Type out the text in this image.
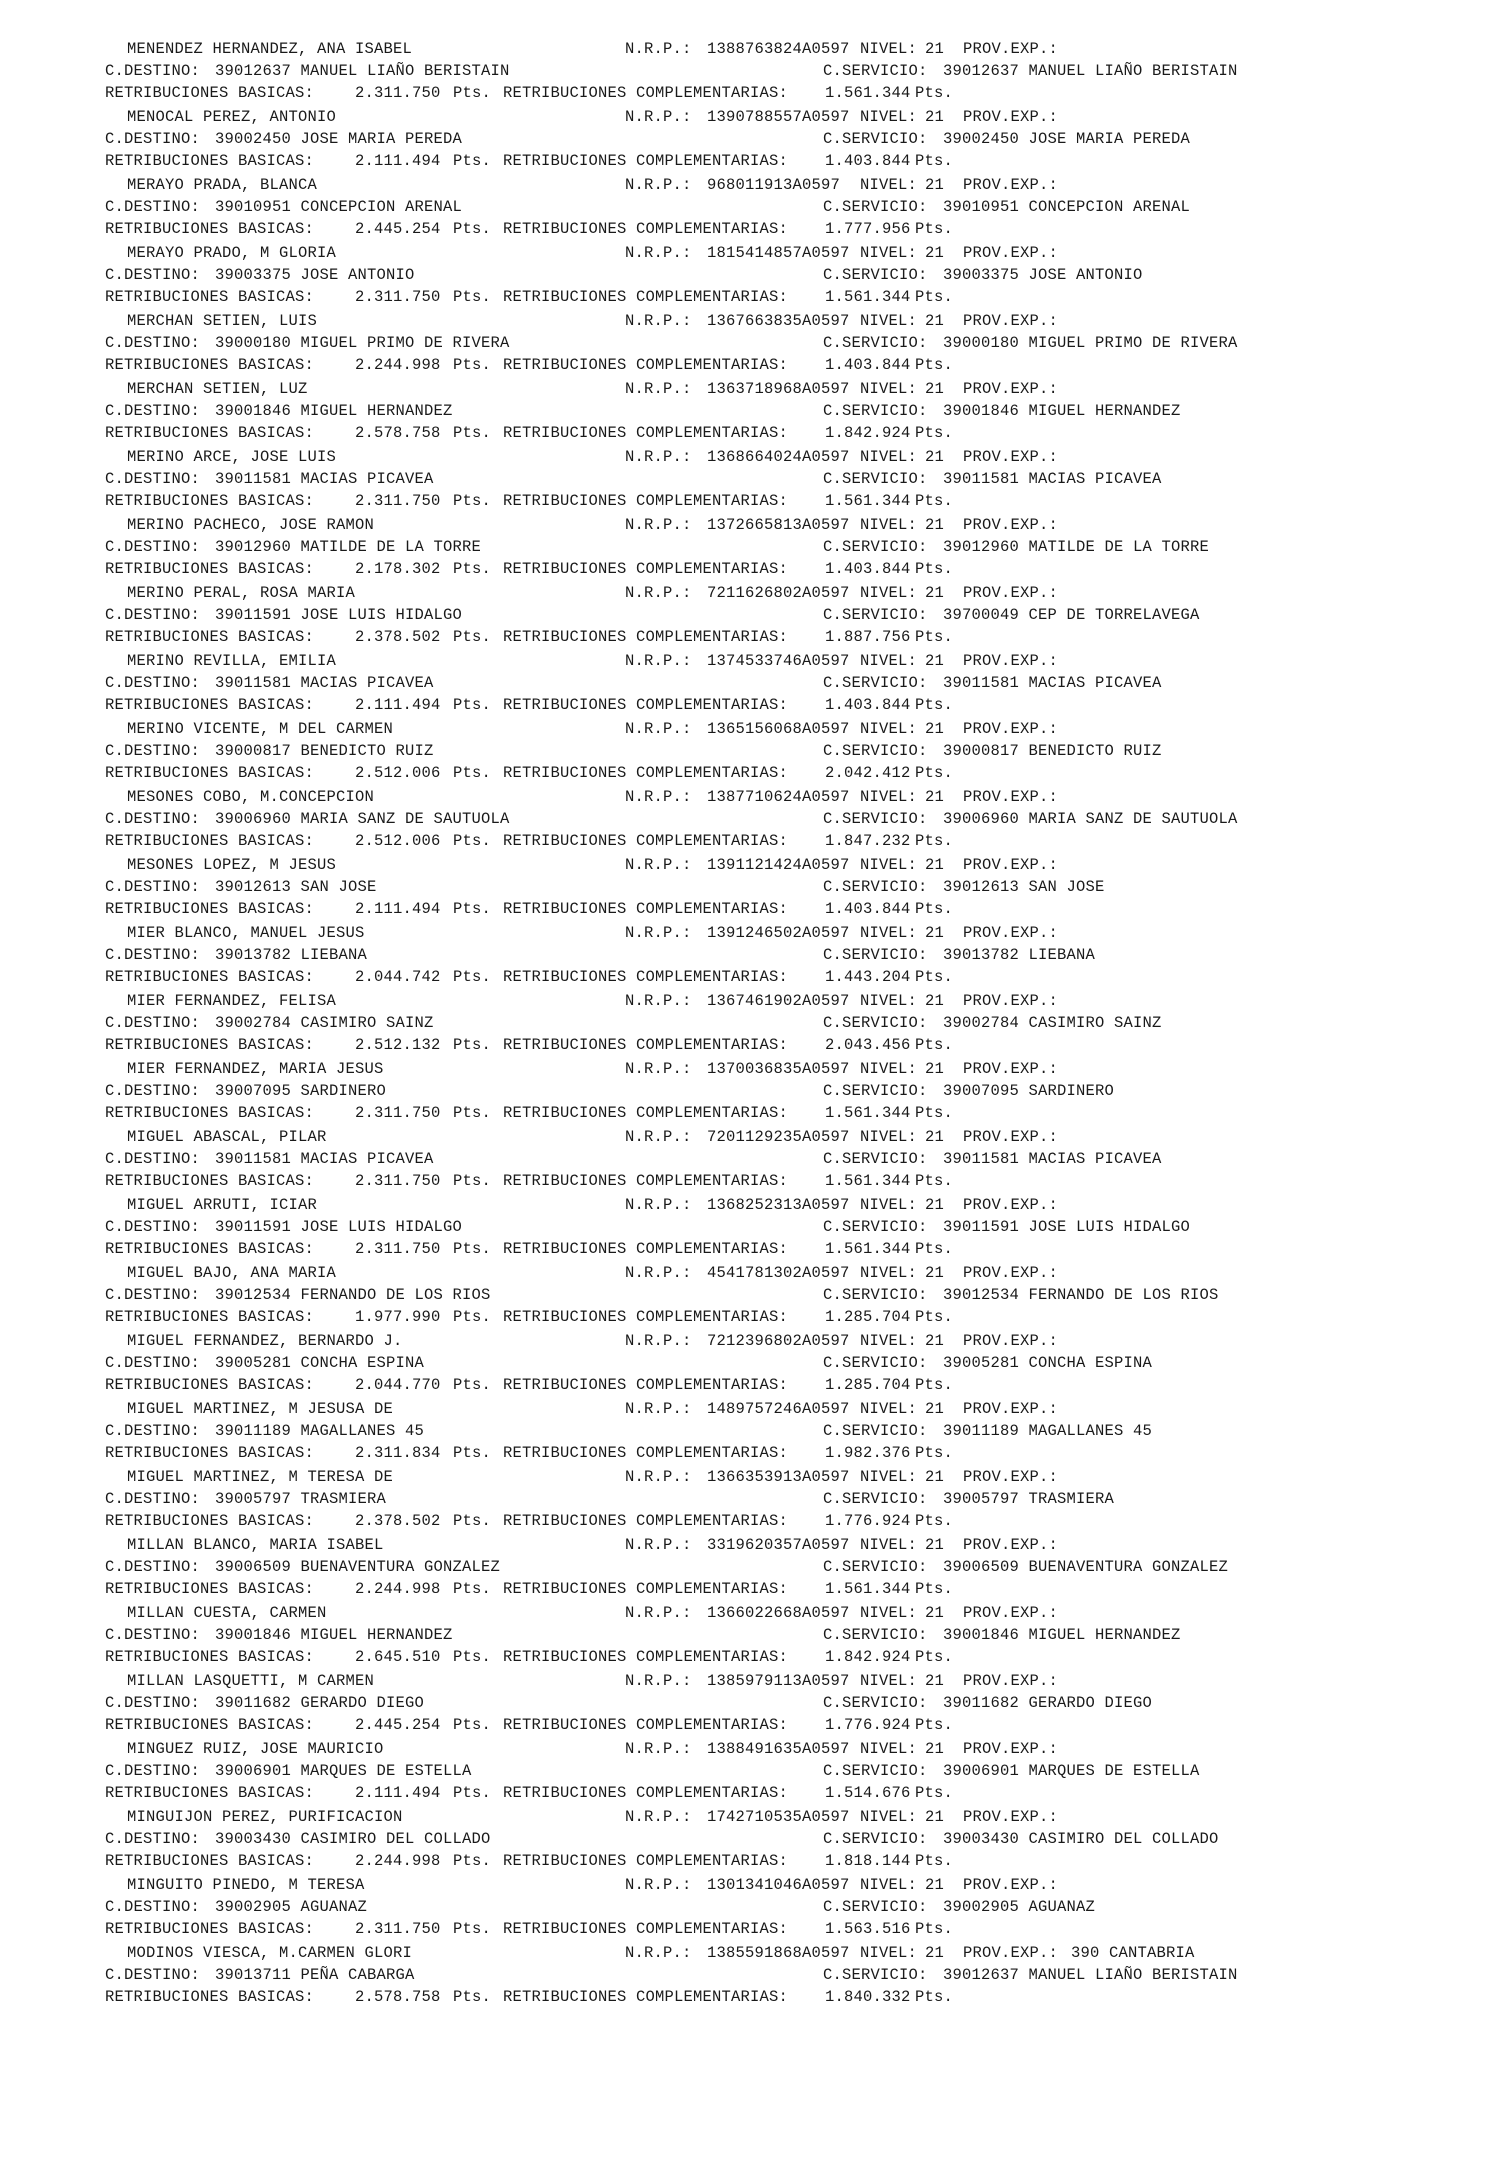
MENENDEZ HERNANDEZ, ANA ISABEL

	N.R.P.:

1388763824A0597

NIVEL:

21

PROV.EXP.:

C.DESTINO:

39012637 MANUEL LIAÑO BERISTAIN

	C.SERVICIO:

39012637 MANUEL LIAÑO BERISTAIN

RETRIBUCIONES BASICAS:

	2.311.750

Pts.

RETRIBUCIONES COMPLEMENTARIAS:

1.561.344

Pts.

MENOCAL PEREZ, ANTONIO

	N.R.P.:

1390788557A0597

NIVEL:

21

PROV.EXP.:

C.DESTINO:

39002450 JOSE MARIA PEREDA

	C.SERVICIO:

39002450 JOSE MARIA PEREDA

RETRIBUCIONES BASICAS:

	2.111.494

Pts.

RETRIBUCIONES COMPLEMENTARIAS:

1.403.844

Pts.

MERAYO PRADA, BLANCA

	N.R.P.:

968011913A0597

NIVEL:

21

PROV.EXP.:

C.DESTINO:

39010951 CONCEPCION ARENAL

	C.SERVICIO:

39010951 CONCEPCION ARENAL

RETRIBUCIONES BASICAS:

	2.445.254

Pts.

RETRIBUCIONES COMPLEMENTARIAS:

1.777.956

Pts.

MERAYO PRADO, M GLORIA

	N.R.P.:

1815414857A0597

NIVEL:

21

PROV.EXP.:

C.DESTINO:

39003375 JOSE ANTONIO

	C.SERVICIO:

39003375 JOSE ANTONIO

RETRIBUCIONES BASICAS:

	2.311.750

Pts.

RETRIBUCIONES COMPLEMENTARIAS:

1.561.344

Pts.

MERCHAN SETIEN, LUIS

	N.R.P.:

1367663835A0597

NIVEL:

21

PROV.EXP.:

C.DESTINO:

39000180 MIGUEL PRIMO DE RIVERA

	C.SERVICIO:

39000180 MIGUEL PRIMO DE RIVERA

RETRIBUCIONES BASICAS:

	2.244.998

Pts.

RETRIBUCIONES COMPLEMENTARIAS:

1.403.844

Pts.

MERCHAN SETIEN, LUZ

	N.R.P.:

1363718968A0597

NIVEL:

21

PROV.EXP.:

C.DESTINO:

39001846 MIGUEL HERNANDEZ

	C.SERVICIO:

39001846 MIGUEL HERNANDEZ

RETRIBUCIONES BASICAS:

	2.578.758

Pts.

RETRIBUCIONES COMPLEMENTARIAS:

1.842.924

Pts.

MERINO ARCE, JOSE LUIS

	N.R.P.:

1368664024A0597

NIVEL:

21

PROV.EXP.:

C.DESTINO:

39011581 MACIAS PICAVEA

	C.SERVICIO:

39011581 MACIAS PICAVEA

RETRIBUCIONES BASICAS:

	2.311.750

Pts.

RETRIBUCIONES COMPLEMENTARIAS:

1.561.344

Pts.

MERINO PACHECO, JOSE RAMON

	N.R.P.:

1372665813A0597

NIVEL:

21

PROV.EXP.:

C.DESTINO:

39012960 MATILDE DE LA TORRE

	C.SERVICIO:

39012960 MATILDE DE LA TORRE

RETRIBUCIONES BASICAS:

	2.178.302

Pts.

RETRIBUCIONES COMPLEMENTARIAS:

1.403.844

Pts.

MERINO PERAL, ROSA MARIA

	N.R.P.:

7211626802A0597

NIVEL:

21

PROV.EXP.:

C.DESTINO:

39011591 JOSE LUIS HIDALGO

	C.SERVICIO:

39700049 CEP DE TORRELAVEGA

RETRIBUCIONES BASICAS:

	2.378.502

Pts.

RETRIBUCIONES COMPLEMENTARIAS:

1.887.756

Pts.

MERINO REVILLA, EMILIA

	N.R.P.:

1374533746A0597

NIVEL:

21

PROV.EXP.:

C.DESTINO:

39011581 MACIAS PICAVEA

	C.SERVICIO:

39011581 MACIAS PICAVEA

RETRIBUCIONES BASICAS:

	2.111.494

Pts.

RETRIBUCIONES COMPLEMENTARIAS:

1.403.844

Pts.

MERINO VICENTE, M DEL CARMEN

	N.R.P.:

1365156068A0597

NIVEL:

21

PROV.EXP.:

C.DESTINO:

39000817 BENEDICTO RUIZ

	C.SERVICIO:

39000817 BENEDICTO RUIZ

RETRIBUCIONES BASICAS:

	2.512.006

Pts.

RETRIBUCIONES COMPLEMENTARIAS:

2.042.412

Pts.

MESONES COBO, M.CONCEPCION

	N.R.P.:

1387710624A0597

NIVEL:

21

PROV.EXP.:

C.DESTINO:

39006960 MARIA SANZ DE SAUTUOLA

	C.SERVICIO:

39006960 MARIA SANZ DE SAUTUOLA

RETRIBUCIONES BASICAS:

	2.512.006

Pts.

RETRIBUCIONES COMPLEMENTARIAS:

1.847.232

Pts.

MESONES LOPEZ, M JESUS

	N.R.P.:

1391121424A0597

NIVEL:

21

PROV.EXP.:

C.DESTINO:

39012613 SAN JOSE

	C.SERVICIO:

39012613 SAN JOSE

RETRIBUCIONES BASICAS:

	2.111.494

Pts.

RETRIBUCIONES COMPLEMENTARIAS:

1.403.844

Pts.

MIER BLANCO, MANUEL JESUS

	N.R.P.:

1391246502A0597

NIVEL:

21

PROV.EXP.:

C.DESTINO:

39013782 LIEBANA

	C.SERVICIO:

39013782 LIEBANA

RETRIBUCIONES BASICAS:

	2.044.742

Pts.

RETRIBUCIONES COMPLEMENTARIAS:

1.443.204

Pts.

MIER FERNANDEZ, FELISA

	N.R.P.:

1367461902A0597

NIVEL:

21

PROV.EXP.:

C.DESTINO:

39002784 CASIMIRO SAINZ

	C.SERVICIO:

39002784 CASIMIRO SAINZ

RETRIBUCIONES BASICAS:

	2.512.132

Pts.

RETRIBUCIONES COMPLEMENTARIAS:

2.043.456

Pts.

MIER FERNANDEZ, MARIA JESUS

	N.R.P.:

1370036835A0597

NIVEL:

21

PROV.EXP.:

C.DESTINO:

39007095 SARDINERO

	C.SERVICIO:

39007095 SARDINERO

RETRIBUCIONES BASICAS:

	2.311.750

Pts.

RETRIBUCIONES COMPLEMENTARIAS:

1.561.344

Pts.

MIGUEL ABASCAL, PILAR

	N.R.P.:

7201129235A0597

NIVEL:

21

PROV.EXP.:

C.DESTINO:

39011581 MACIAS PICAVEA

	C.SERVICIO:

39011581 MACIAS PICAVEA

RETRIBUCIONES BASICAS:

	2.311.750

Pts.

RETRIBUCIONES COMPLEMENTARIAS:

1.561.344

Pts.

MIGUEL ARRUTI, ICIAR

	N.R.P.:

1368252313A0597

NIVEL:

21

PROV.EXP.:

C.DESTINO:

39011591 JOSE LUIS HIDALGO

	C.SERVICIO:

39011591 JOSE LUIS HIDALGO

RETRIBUCIONES BASICAS:

	2.311.750

Pts.

RETRIBUCIONES COMPLEMENTARIAS:

1.561.344

Pts.

MIGUEL BAJO, ANA MARIA

	N.R.P.:

4541781302A0597

NIVEL:

21

PROV.EXP.:

C.DESTINO:

39012534 FERNANDO DE LOS RIOS

	C.SERVICIO:

39012534 FERNANDO DE LOS RIOS

RETRIBUCIONES BASICAS:

	1.977.990

Pts.

RETRIBUCIONES COMPLEMENTARIAS:

1.285.704

Pts.

MIGUEL FERNANDEZ, BERNARDO J.

	N.R.P.:

7212396802A0597

NIVEL:

21

PROV.EXP.:

C.DESTINO:

39005281 CONCHA ESPINA

	C.SERVICIO:

39005281 CONCHA ESPINA

RETRIBUCIONES BASICAS:

	2.044.770

Pts.

RETRIBUCIONES COMPLEMENTARIAS:

1.285.704

Pts.

MIGUEL MARTINEZ, M JESUSA DE

	N.R.P.:

1489757246A0597

NIVEL:

21

PROV.EXP.:

C.DESTINO:

39011189 MAGALLANES 45

	C.SERVICIO:

39011189 MAGALLANES 45

RETRIBUCIONES BASICAS:

	2.311.834

Pts.

RETRIBUCIONES COMPLEMENTARIAS:

1.982.376

Pts.

MIGUEL MARTINEZ, M TERESA DE

	N.R.P.:

1366353913A0597

NIVEL:

21

PROV.EXP.:

C.DESTINO:

39005797 TRASMIERA

	C.SERVICIO:

39005797 TRASMIERA

RETRIBUCIONES BASICAS:

	2.378.502

Pts.

RETRIBUCIONES COMPLEMENTARIAS:

1.776.924

Pts.

MILLAN BLANCO, MARIA ISABEL

	N.R.P.:

3319620357A0597

NIVEL:

21

PROV.EXP.:

C.DESTINO:

39006509 BUENAVENTURA GONZALEZ

	C.SERVICIO:

39006509 BUENAVENTURA GONZALEZ

RETRIBUCIONES BASICAS:

	2.244.998

Pts.

RETRIBUCIONES COMPLEMENTARIAS:

1.561.344

Pts.

MILLAN CUESTA, CARMEN

	N.R.P.:

1366022668A0597

NIVEL:

21

PROV.EXP.:

C.DESTINO:

39001846 MIGUEL HERNANDEZ

	C.SERVICIO:

39001846 MIGUEL HERNANDEZ

RETRIBUCIONES BASICAS:

	2.645.510

Pts.

RETRIBUCIONES COMPLEMENTARIAS:

1.842.924

Pts.

MILLAN LASQUETTI, M CARMEN

	N.R.P.:

1385979113A0597

NIVEL:

21

PROV.EXP.:

C.DESTINO:

39011682 GERARDO DIEGO

	C.SERVICIO:

39011682 GERARDO DIEGO

RETRIBUCIONES BASICAS:

	2.445.254

Pts.

RETRIBUCIONES COMPLEMENTARIAS:

1.776.924

Pts.

MINGUEZ RUIZ, JOSE MAURICIO

	N.R.P.:

1388491635A0597

NIVEL:

21

PROV.EXP.:

C.DESTINO:

39006901 MARQUES DE ESTELLA

	C.SERVICIO:

39006901 MARQUES DE ESTELLA

RETRIBUCIONES BASICAS:

	2.111.494

Pts.

RETRIBUCIONES COMPLEMENTARIAS:

1.514.676

Pts.

MINGUIJON PEREZ, PURIFICACION

	N.R.P.:

1742710535A0597

NIVEL:

21

PROV.EXP.:

C.DESTINO:

39003430 CASIMIRO DEL COLLADO

	C.SERVICIO:

39003430 CASIMIRO DEL COLLADO

RETRIBUCIONES BASICAS:

	2.244.998

Pts.

RETRIBUCIONES COMPLEMENTARIAS:

1.818.144

Pts.

MINGUITO PINEDO, M TERESA

	N.R.P.:

1301341046A0597

NIVEL:

21

PROV.EXP.:

C.DESTINO:

39002905 AGUANAZ

	C.SERVICIO:

39002905 AGUANAZ

RETRIBUCIONES BASICAS:

	2.311.750

Pts.

RETRIBUCIONES COMPLEMENTARIAS:

1.563.516

Pts.

MODINOS VIESCA, M.CARMEN GLORI

	N.R.P.:

1385591868A0597

NIVEL:

21

PROV.EXP.:

390 CANTABRIA

C.DESTINO:

39013711 PEÑA CABARGA

	C.SERVICIO:

39012637 MANUEL LIAÑO BERISTAIN

RETRIBUCIONES BASICAS:

	2.578.758

Pts.

RETRIBUCIONES COMPLEMENTARIAS:

1.840.332

Pts.
